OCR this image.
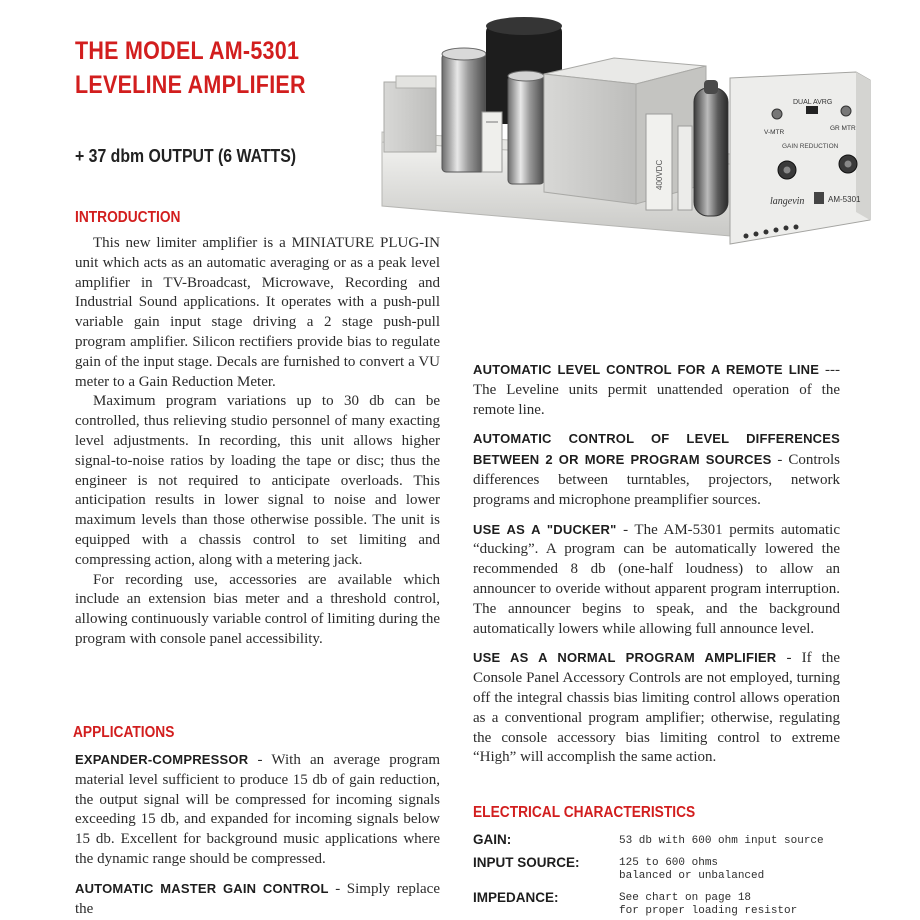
THE MODEL AM-5301
LEVELINE AMPLIFIER
+ 37 dbm OUTPUT (6 WATTS)
400VDC
DUAL AVRG
V-MTR
GR MTR
GAIN REDUCTION
langevin	AM-5301
INTRODUCTION

This new limiter amplifier is a MINIATURE PLUG-IN unit which acts as an automatic averaging or as a peak level amplifier in TV-Broadcast, Microwave, Recording and Industrial Sound applications. It operates with a push-pull variable gain input stage driving a 2 stage push-pull program amplifier. Silicon rectifiers provide bias to regulate gain of the input stage. Decals are furnished to convert a VU meter to a Gain Reduction Meter.

Maximum program variations up to 30 db can be controlled, thus relieving studio personnel of many exacting level adjustments. In recording, this unit allows higher signal-to-noise ratios by loading the tape or disc; thus the engineer is not required to anticipate overloads. This anticipation results in lower signal to noise and lower maximum levels than those otherwise possible. The unit is equipped with a chassis control to set limiting and compressing action, along with a metering jack.

For recording use, accessories are available which include an extension bias meter and a threshold control, allowing continuously variable control of limiting during the program with console panel accessibility.

APPLICATIONS

EXPANDER-COMPRESSOR - With an average program material level sufficient to produce 15 db of gain reduction, the output signal will be compressed for incoming signals exceeding 15 db, and expanded for incoming signals below 15 db. Excellent for background music applications where the dynamic range should be compressed.

AUTOMATIC MASTER GAIN CONTROL - Simply replace the

AUTOMATIC LEVEL CONTROL FOR A REMOTE LINE --- The Leveline units permit unattended operation of the remote line.

AUTOMATIC CONTROL OF LEVEL DIFFERENCES BETWEEN 2 OR MORE PROGRAM SOURCES - Controls differences between turntables, projectors, network programs and microphone preamplifier sources.

USE AS A "DUCKER" - The AM-5301 permits automatic “ducking”. A program can be automatically lowered the recommended 8 db (one-half loudness) to allow an announcer to overide without apparent program interruption. The announcer begins to speak, and the background automatically lowers while allowing full announce level.

USE AS A NORMAL PROGRAM AMPLIFIER - If the Console Panel Accessory Controls are not employed, turning off the integral chassis bias limiting control allows operation as a conventional program amplifier; otherwise, regulating the console accessory bias limiting control to extreme “High” will accomplish the same action.

ELECTRICAL CHARACTERISTICS
GAIN:	53 db with 600 ohm input source
INPUT SOURCE:	125 to 600 ohms
balanced or unbalanced
IMPEDANCE:	See chart on page 18
for proper loading resistor
